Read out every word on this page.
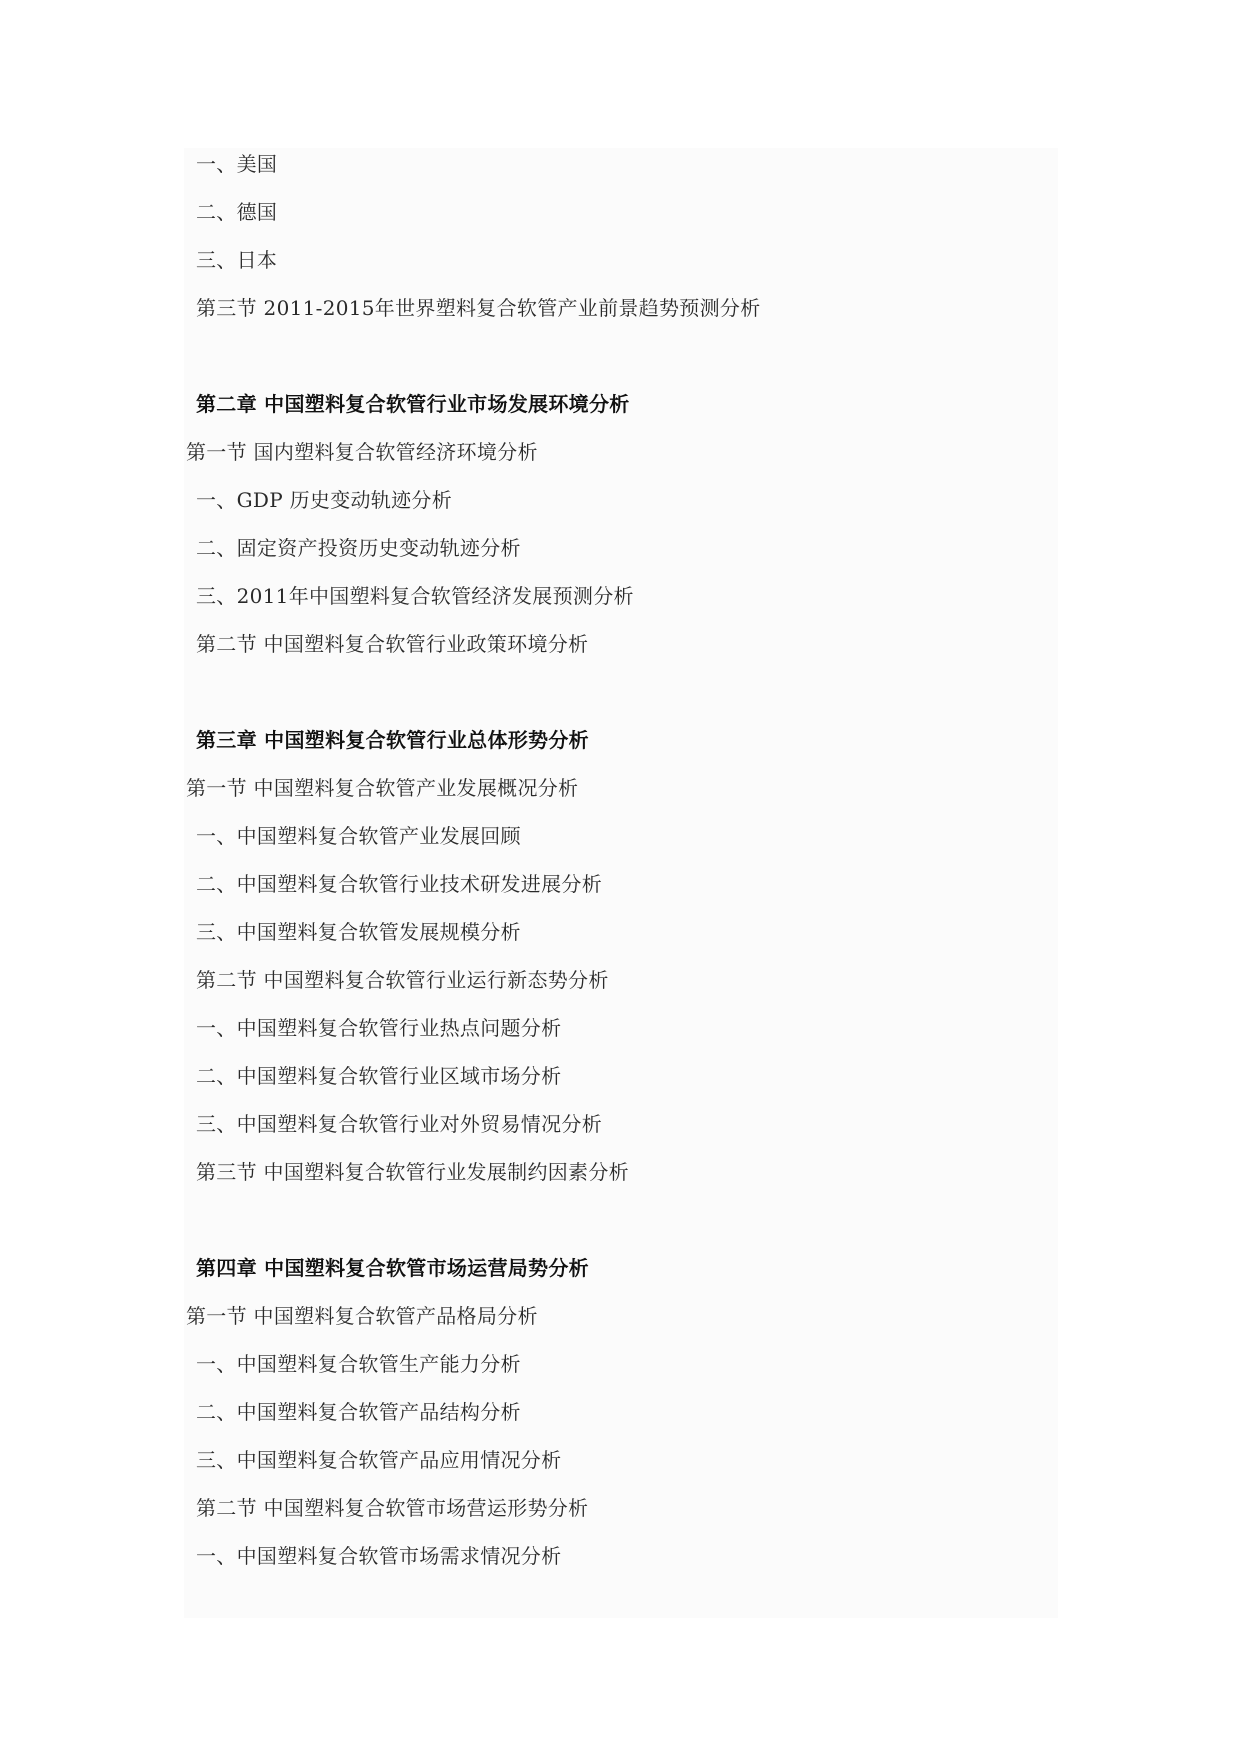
一、美国
二、德国
三、日本
第三节 2011-2015年世界塑料复合软管产业前景趋势预测分析
第二章 中国塑料复合软管行业市场发展环境分析
第一节 国内塑料复合软管经济环境分析
一、GDP 历史变动轨迹分析
二、固定资产投资历史变动轨迹分析
三、2011年中国塑料复合软管经济发展预测分析
第二节 中国塑料复合软管行业政策环境分析
第三章 中国塑料复合软管行业总体形势分析
第一节 中国塑料复合软管产业发展概况分析
一、中国塑料复合软管产业发展回顾
二、中国塑料复合软管行业技术研发进展分析
三、中国塑料复合软管发展规模分析
第二节 中国塑料复合软管行业运行新态势分析
一、中国塑料复合软管行业热点问题分析
二、中国塑料复合软管行业区域市场分析
三、中国塑料复合软管行业对外贸易情况分析
第三节 中国塑料复合软管行业发展制约因素分析
第四章 中国塑料复合软管市场运营局势分析
第一节 中国塑料复合软管产品格局分析
一、中国塑料复合软管生产能力分析
二、中国塑料复合软管产品结构分析
三、中国塑料复合软管产品应用情况分析
第二节 中国塑料复合软管市场营运形势分析
一、中国塑料复合软管市场需求情况分析
